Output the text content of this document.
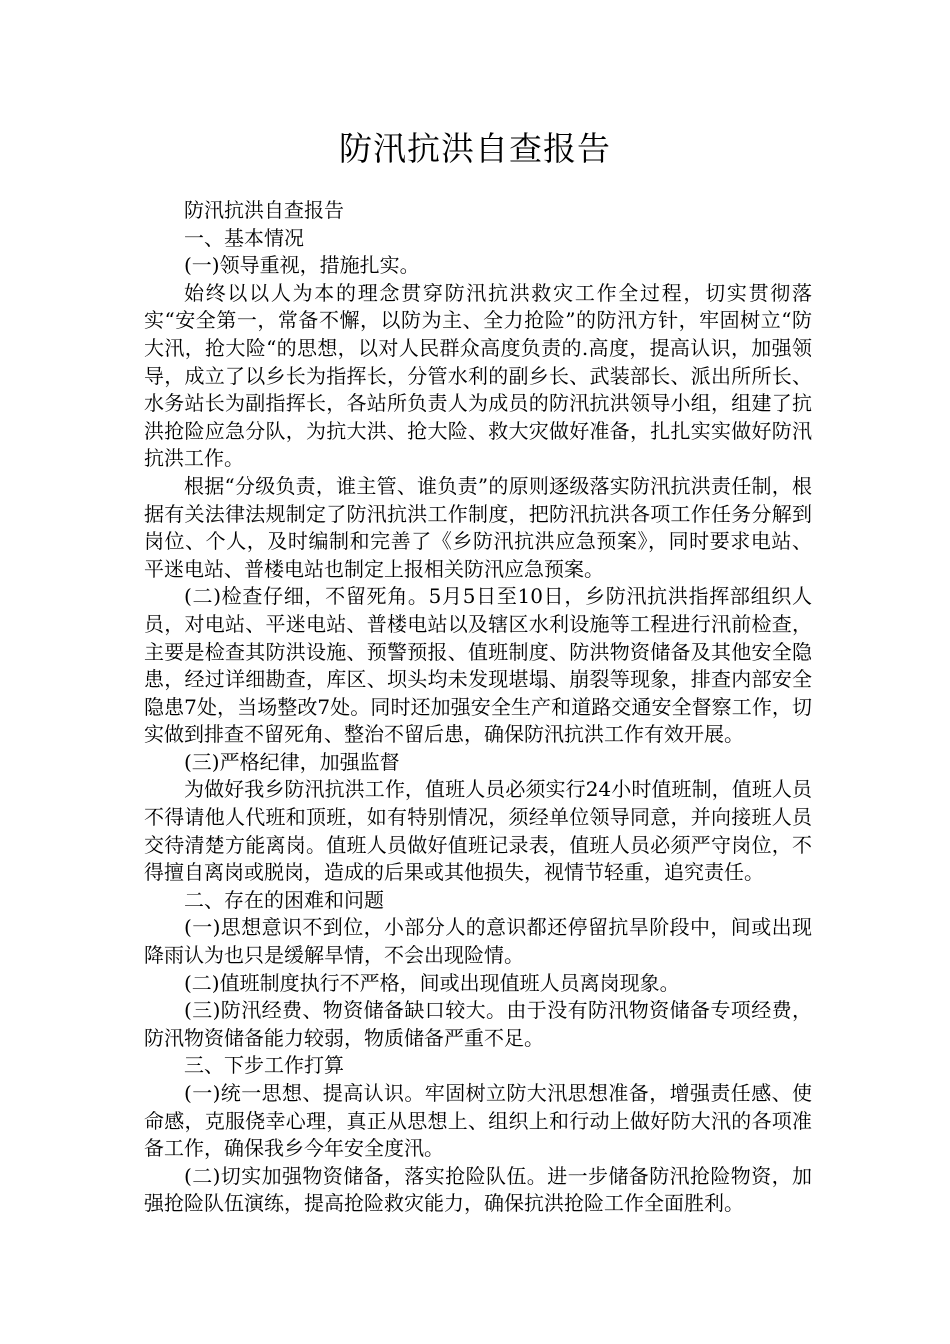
防汛抗洪自查报告

防汛抗洪自查报告

一、基本情况

(一)领导重视，措施扎实。

始终以以人为本的理念贯穿防汛抗洪救灾工作全过程，切实贯彻落实“安全第一，常备不懈，以防为主、全力抢险”的防汛方针，牢固树立“防大汛，抢大险“的思想，以对人民群众高度负责的.高度，提高认识，加强领导，成立了以乡长为指挥长，分管水利的副乡长、武装部长、派出所所长、水务站长为副指挥长，各站所负责人为成员的防汛抗洪领导小组，组建了抗洪抢险应急分队，为抗大洪、抢大险、救大灾做好准备，扎扎实实做好防汛抗洪工作。

根据“分级负责，谁主管、谁负责”的原则逐级落实防汛抗洪责任制，根据有关法律法规制定了防汛抗洪工作制度，把防汛抗洪各项工作任务分解到岗位、个人，及时编制和完善了《乡防汛抗洪应急预案》，同时要求电站、平迷电站、普楼电站也制定上报相关防汛应急预案。

(二)检查仔细，不留死角。5月5日至10日，乡防汛抗洪指挥部组织人员，对电站、平迷电站、普楼电站以及辖区水利设施等工程进行汛前检查，主要是检查其防洪设施、预警预报、值班制度、防洪物资储备及其他安全隐患，经过详细勘查，库区、坝头均未发现堪塌、崩裂等现象，排查内部安全隐患7处，当场整改7处。同时还加强安全生产和道路交通安全督察工作，切实做到排查不留死角、整治不留后患，确保防汛抗洪工作有效开展。

(三)严格纪律，加强监督

为做好我乡防汛抗洪工作，值班人员必须实行24小时值班制，值班人员不得请他人代班和顶班，如有特别情况，须经单位领导同意，并向接班人员交待清楚方能离岗。值班人员做好值班记录表，值班人员必须严守岗位，不得擅自离岗或脱岗，造成的后果或其他损失，视情节轻重，追究责任。

二、存在的困难和问题

(一)思想意识不到位，小部分人的意识都还停留抗旱阶段中，间或出现降雨认为也只是缓解旱情，不会出现险情。

(二)值班制度执行不严格，间或出现值班人员离岗现象。

(三)防汛经费、物资储备缺口较大。由于没有防汛物资储备专项经费，防汛物资储备能力较弱，物质储备严重不足。

三、下步工作打算

(一)统一思想、提高认识。牢固树立防大汛思想准备，增强责任感、使命感，克服侥幸心理，真正从思想上、组织上和行动上做好防大汛的各项准备工作，确保我乡今年安全度汛。

(二)切实加强物资储备，落实抢险队伍。进一步储备防汛抢险物资，加强抢险队伍演练，提高抢险救灾能力，确保抗洪抢险工作全面胜利。
